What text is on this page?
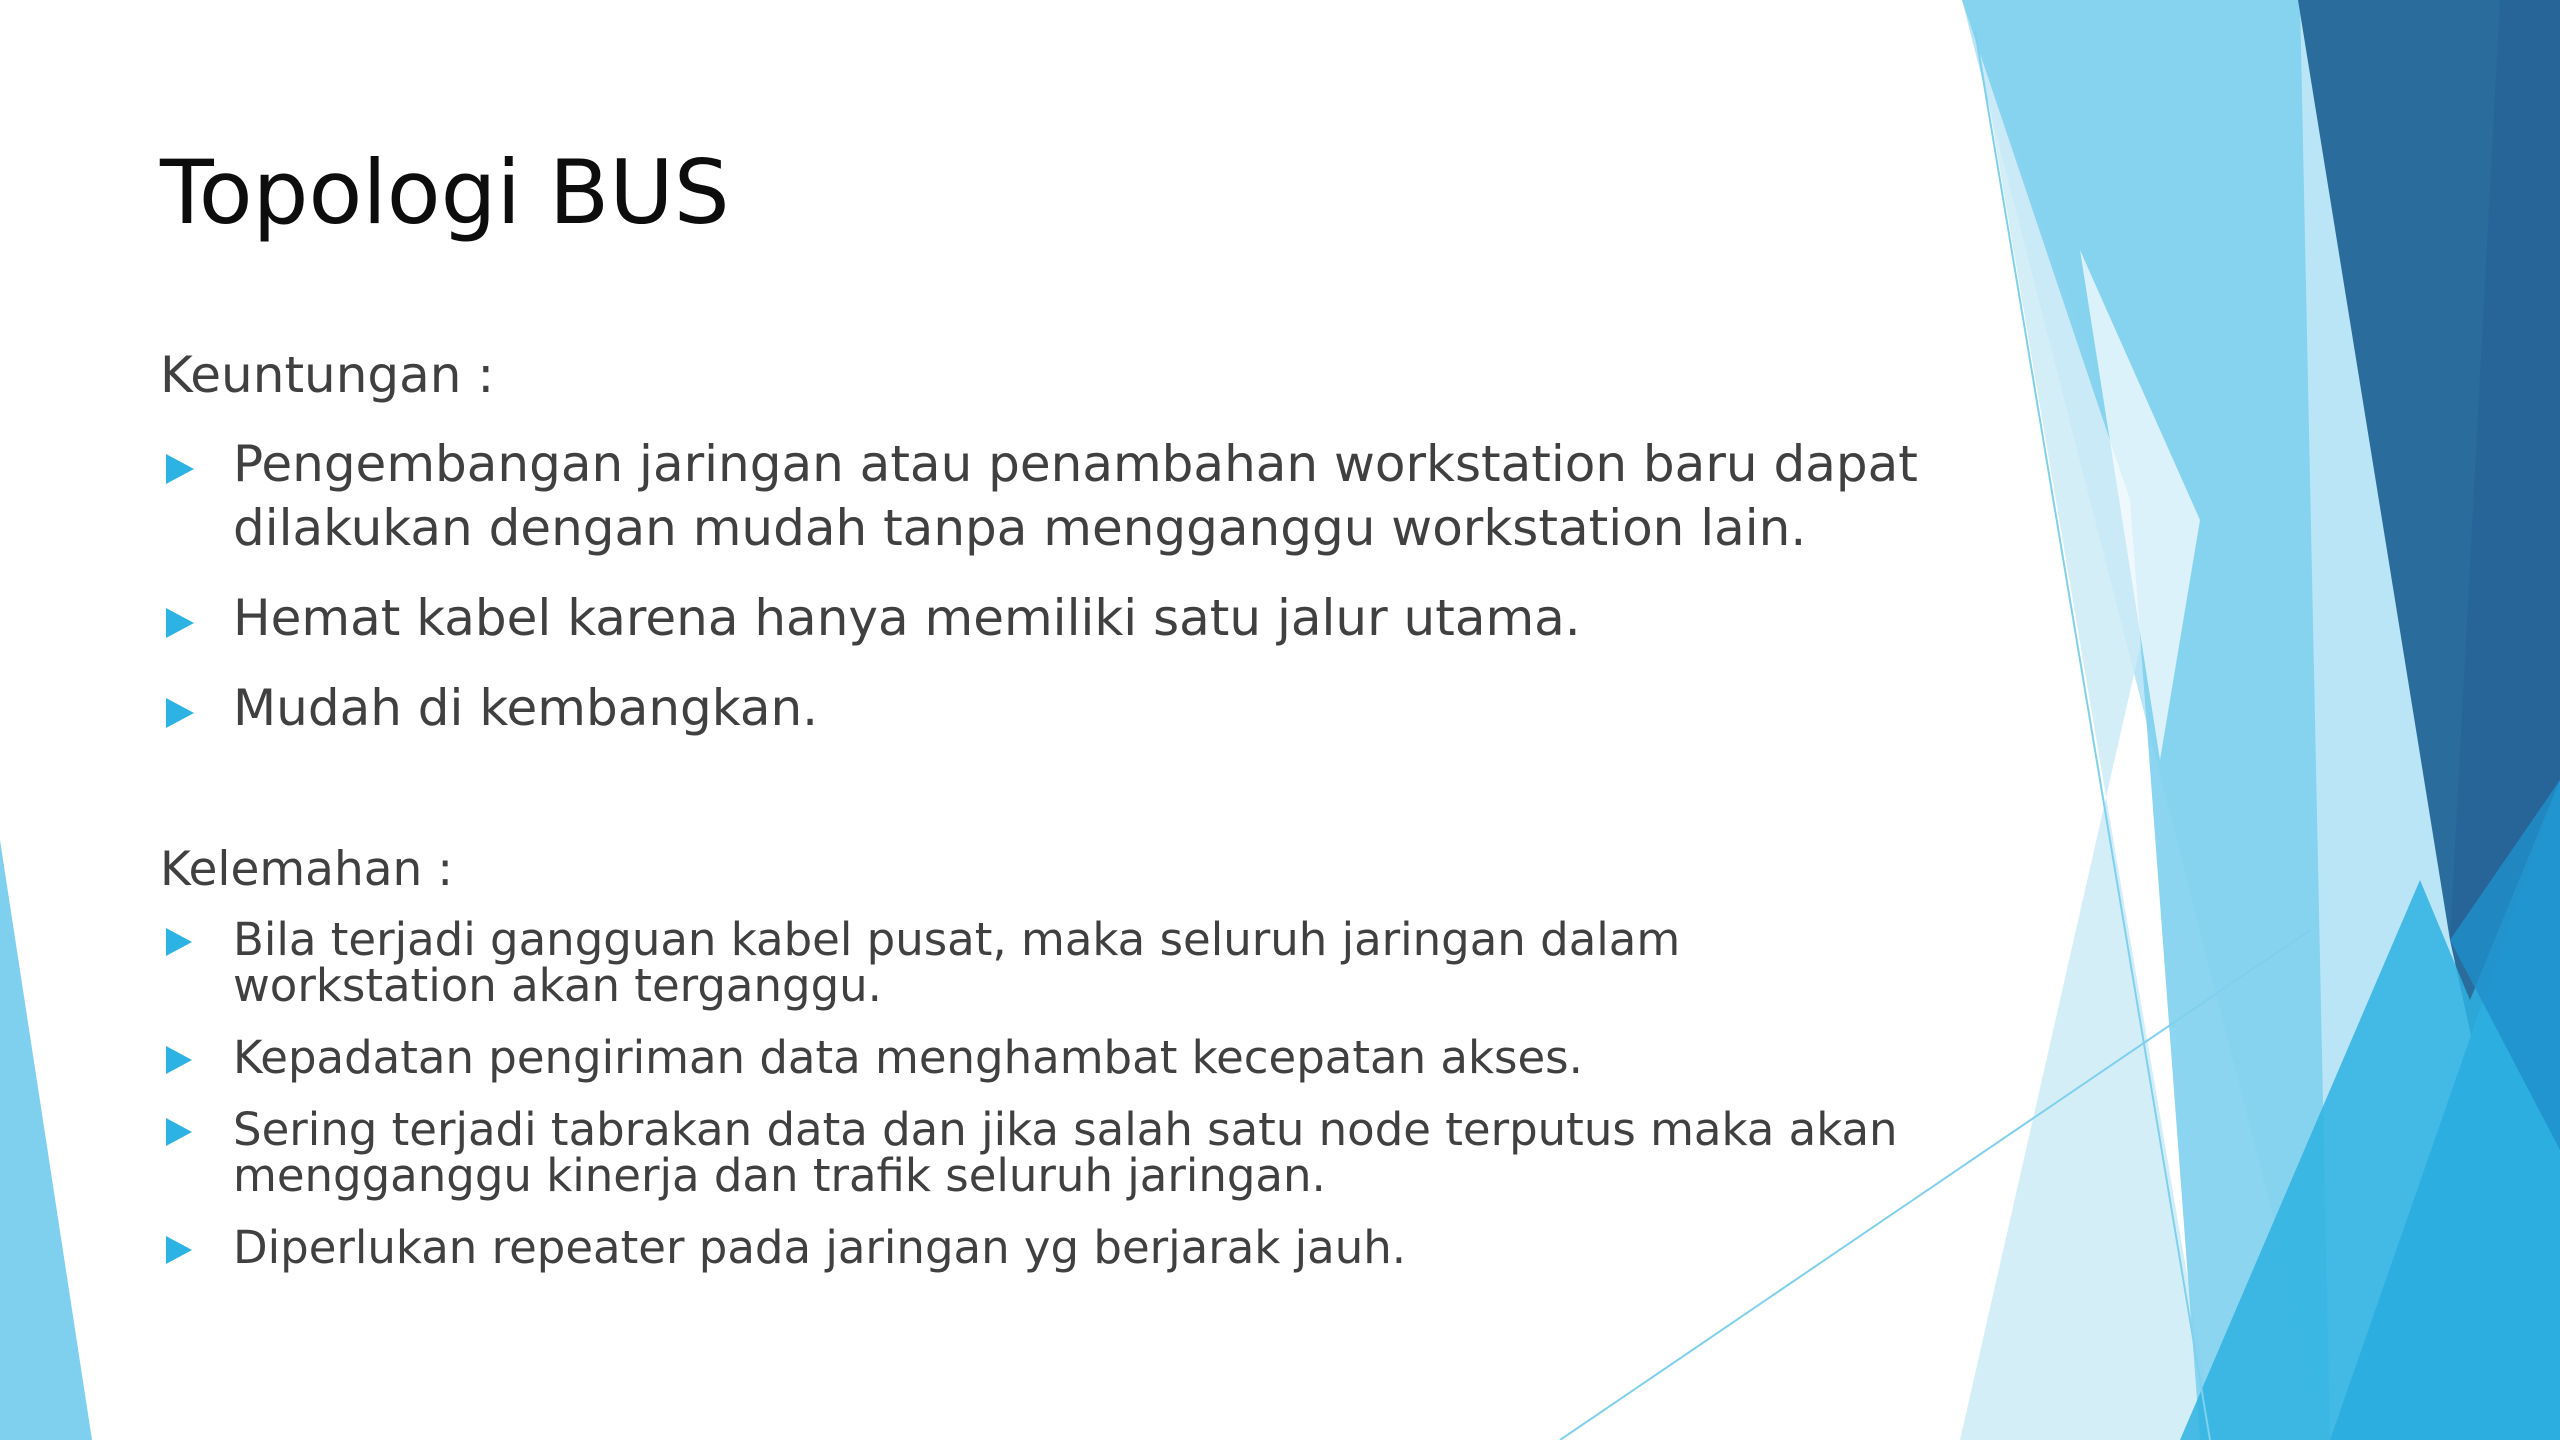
Topologi BUS

Keuntungan :

Pengembangan jaringan atau penambahan workstation baru dapat dilakukan dengan mudah tanpa mengganggu workstation lain.
Hemat kabel karena hanya memiliki satu jalur utama.
Mudah di kembangkan.

Kelemahan :

Bila terjadi gangguan kabel pusat, maka seluruh jaringan dalam workstation akan terganggu.
Kepadatan pengiriman data menghambat kecepatan akses.
Sering terjadi tabrakan data dan jika salah satu node terputus maka akan mengganggu kinerja dan trafik seluruh jaringan.
Diperlukan repeater pada jaringan yg berjarak jauh.
